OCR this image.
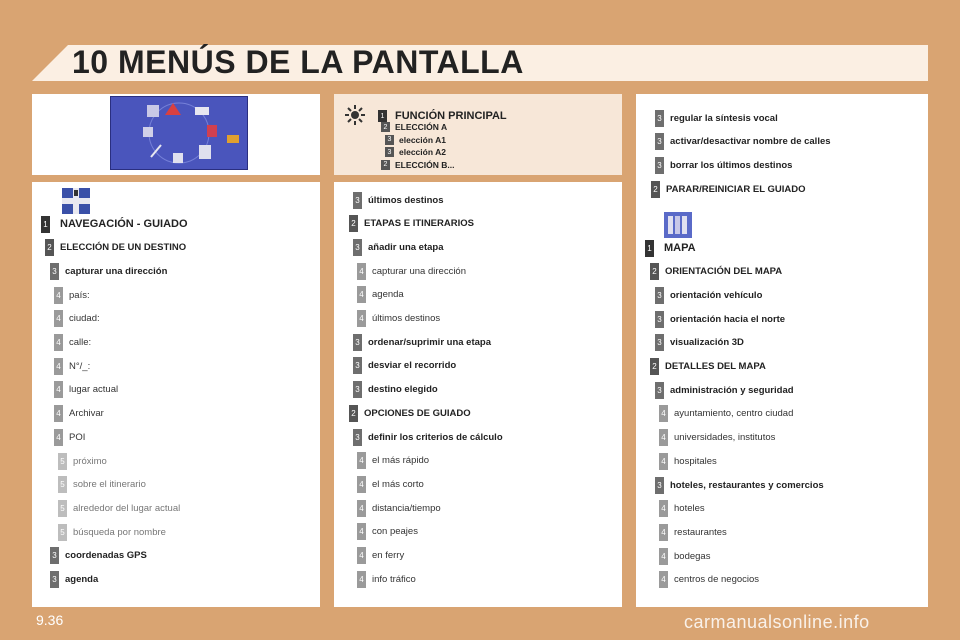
10 MENÚS DE LA PANTALLA
1 FUNCIÓN PRINCIPAL
2 ELECCIÓN A
3 elección A1
3 elección A2
2 ELECCIÓN B...
1 NAVEGACIÓN - GUIADO
2 ELECCIÓN DE UN DESTINO
3 capturar una dirección
4 país:
4 ciudad:
4 calle:
4 N°/_:
4 lugar actual
4 Archivar
4 POI
5 próximo
5 sobre el itinerario
5 alrededor del lugar actual
5 búsqueda por nombre
3 coordenadas GPS
3 agenda
3 últimos destinos
2 ETAPAS E ITINERARIOS
3 añadir una etapa
4 capturar una dirección
4 agenda
4 últimos destinos
3 ordenar/suprimir una etapa
3 desviar el recorrido
3 destino elegido
2 OPCIONES DE GUIADO
3 definir los criterios de cálculo
4 el más rápido
4 el más corto
4 distancia/tiempo
4 con peajes
4 en ferry
4 info tráfico
3 regular la síntesis vocal
3 activar/desactivar nombre de calles
3 borrar los últimos destinos
2 PARAR/REINICIAR EL GUIADO
1 MAPA
2 ORIENTACIÓN DEL MAPA
3 orientación vehículo
3 orientación hacia el norte
3 visualización 3D
2 DETALLES DEL MAPA
3 administración y seguridad
4 ayuntamiento, centro ciudad
4 universidades, institutos
4 hospitales
3 hoteles, restaurantes y comercios
4 hoteles
4 restaurantes
4 bodegas
4 centros de negocios
9.36	carmanualsonline.info
